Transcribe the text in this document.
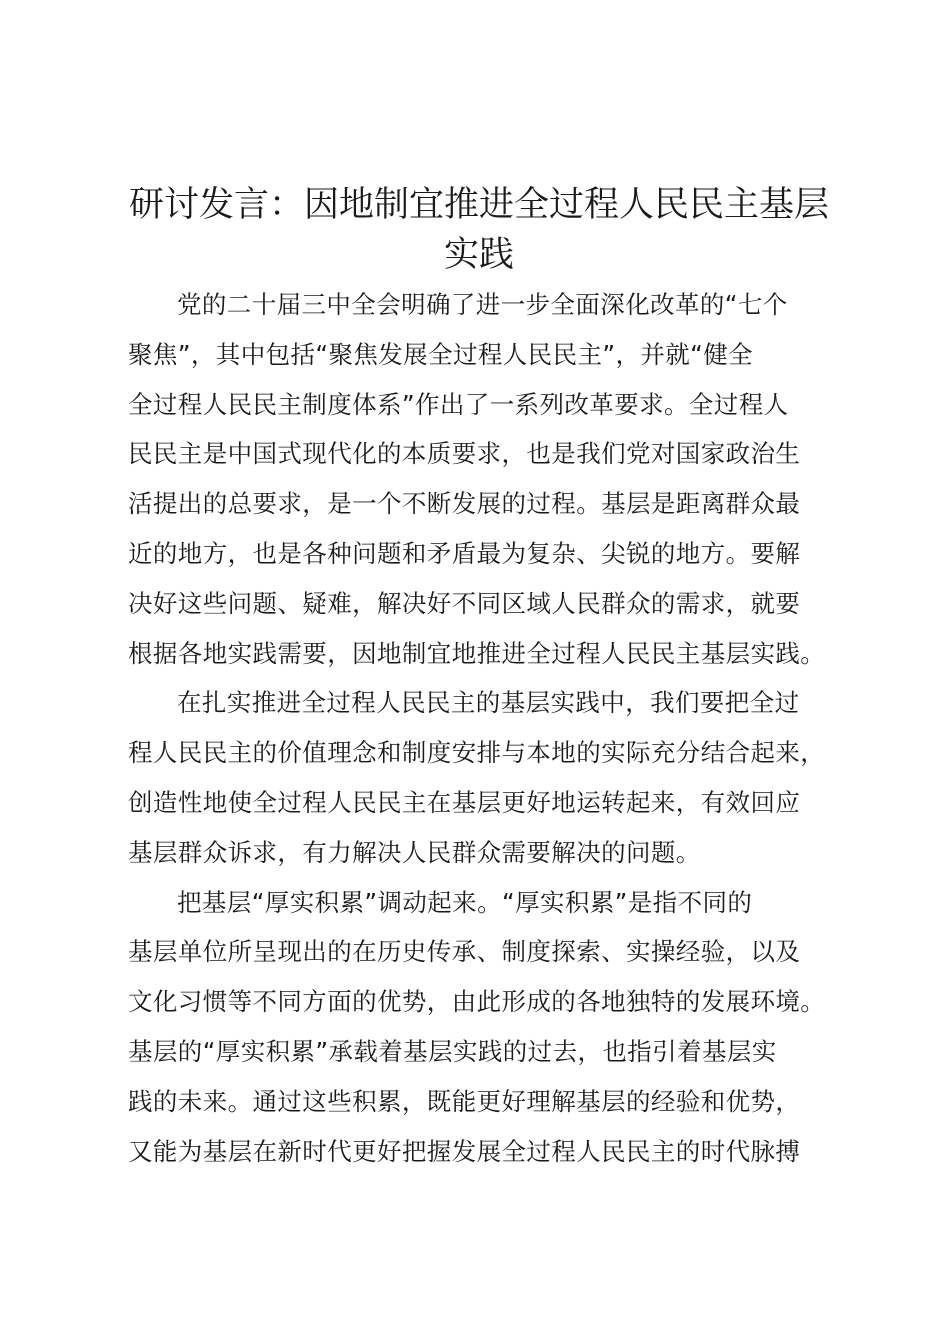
研讨发言：因地制宜推进全过程人民民主基层
实践
党的二十届三中全会明确了进一步全面深化改革的“七个
聚焦”，其中包括“聚焦发展全过程人民民主”，并就“健全
全过程人民民主制度体系”作出了一系列改革要求。全过程人
民民主是中国式现代化的本质要求，也是我们党对国家政治生
活提出的总要求，是一个不断发展的过程。基层是距离群众最
近的地方，也是各种问题和矛盾最为复杂、尖锐的地方。要解
决好这些问题、疑难，解决好不同区域人民群众的需求，就要
根据各地实践需要，因地制宜地推进全过程人民民主基层实践。
在扎实推进全过程人民民主的基层实践中，我们要把全过
程人民民主的价值理念和制度安排与本地的实际充分结合起来，
创造性地使全过程人民民主在基层更好地运转起来，有效回应
基层群众诉求，有力解决人民群众需要解决的问题。
把基层“厚实积累”调动起来。“厚实积累”是指不同的
基层单位所呈现出的在历史传承、制度探索、实操经验，以及
文化习惯等不同方面的优势，由此形成的各地独特的发展环境。
基层的“厚实积累”承载着基层实践的过去，也指引着基层实
践的未来。通过这些积累，既能更好理解基层的经验和优势，
又能为基层在新时代更好把握发展全过程人民民主的时代脉搏
